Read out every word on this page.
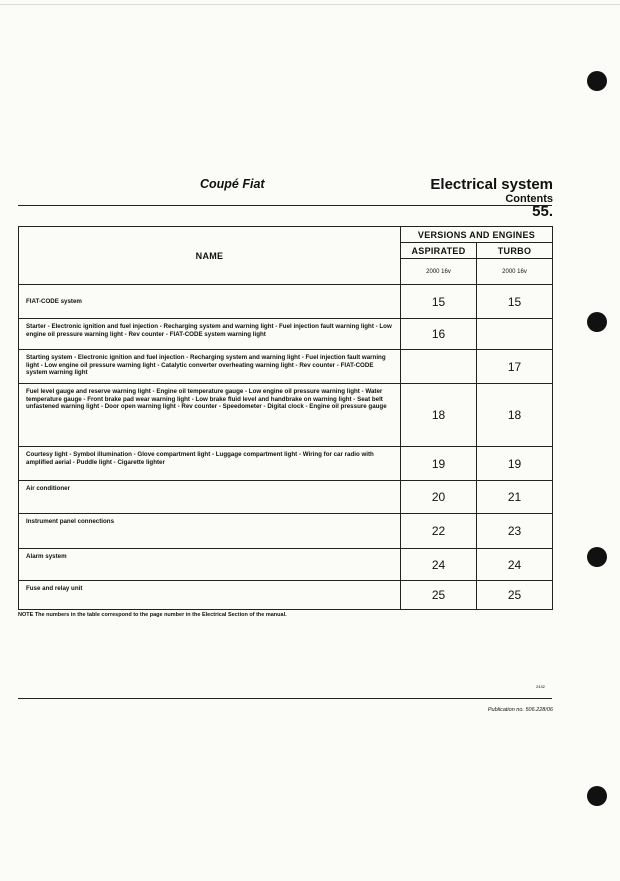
Coupé Fiat	Electrical system
Contents
55.
NAME	VERSIONS AND ENGINES	
	ASPIRATED	TURBO
	2000 16v	2000 16v
FIAT-CODE system	15	15
Starter - Electronic ignition and fuel injection - Recharging system and warning light - Fuel injection fault warning light - Low engine oil pressure warning light - Rev counter - FIAT-CODE system warning light	16	
Starting system - Electronic ignition and fuel injection - Recharging system and warning light - Fuel injection fault warning light - Low engine oil pressure warning light - Catalytic converter overheating warning light - Rev counter - FIAT-CODE system warning light		17
Fuel level gauge and reserve warning light - Engine oil temperature gauge - Low engine oil pressure warning light - Water temperature gauge - Front brake pad wear warning light - Low brake fluid level and handbrake on warning light - Seat belt unfastened warning light - Door open warning light - Rev counter - Speedometer - Digital clock - Engine oil pressure gauge	18	18
Courtesy light - Symbol illumination - Glove compartment light - Luggage compartment light - Wiring for car radio with amplified aerial - Puddle light - Cigarette lighter	19	19
Air conditioner	20	21
Instrument panel connections	22	23
Alarm system	24	24
Fuse and relay unit	25	25
NOTE The numbers in the table correspond to the page number in the Electrical Section of the manual.
2432
Publication no. 506.228/06
